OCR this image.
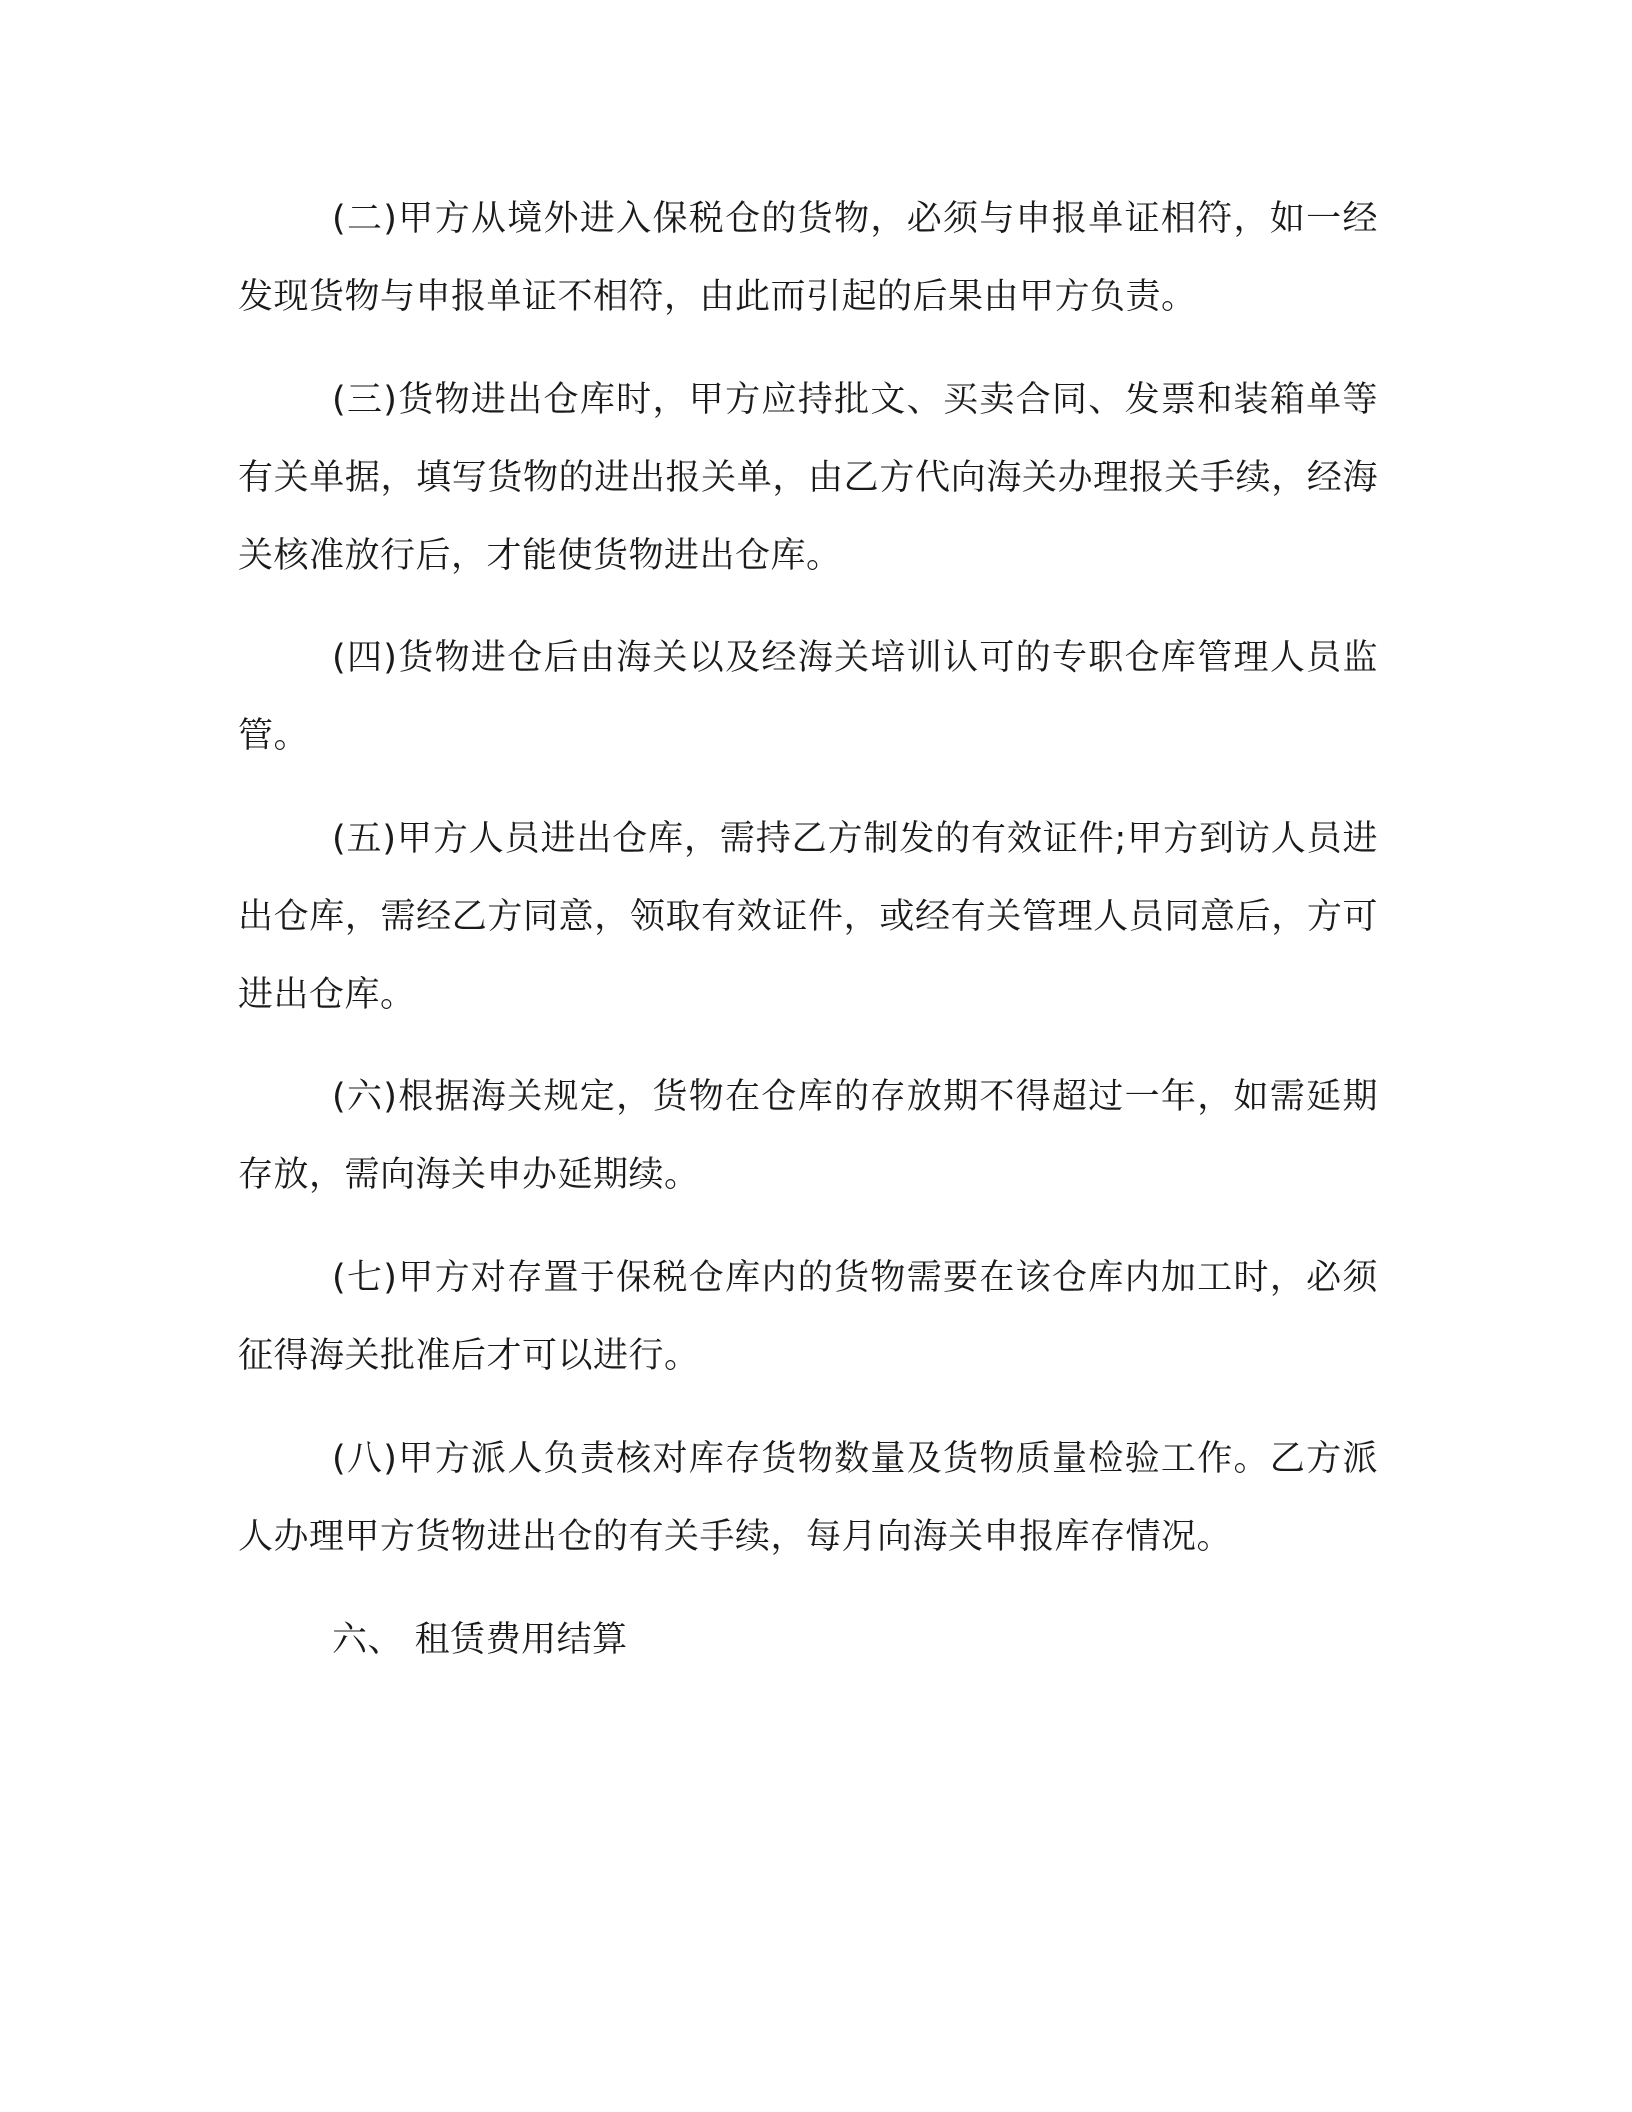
(二)甲方从境外进入保税仓的货物，必须与申报单证相符，如一经发现货物与申报单证不相符，由此而引起的后果由甲方负责。

(三)货物进出仓库时，甲方应持批文、买卖合同、发票和装箱单等有关单据，填写货物的进出报关单，由乙方代向海关办理报关手续，经海关核准放行后，才能使货物进出仓库。

(四)货物进仓后由海关以及经海关培训认可的专职仓库管理人员监管。

(五)甲方人员进出仓库，需持乙方制发的有效证件;甲方到访人员进出仓库，需经乙方同意，领取有效证件，或经有关管理人员同意后，方可进出仓库。

(六)根据海关规定，货物在仓库的存放期不得超过一年，如需延期存放，需向海关申办延期续。

(七)甲方对存置于保税仓库内的货物需要在该仓库内加工时，必须征得海关批准后才可以进行。

(八)甲方派人负责核对库存货物数量及货物质量检验工作。乙方派人办理甲方货物进出仓的有关手续，每月向海关申报库存情况。

六、 租赁费用结算
